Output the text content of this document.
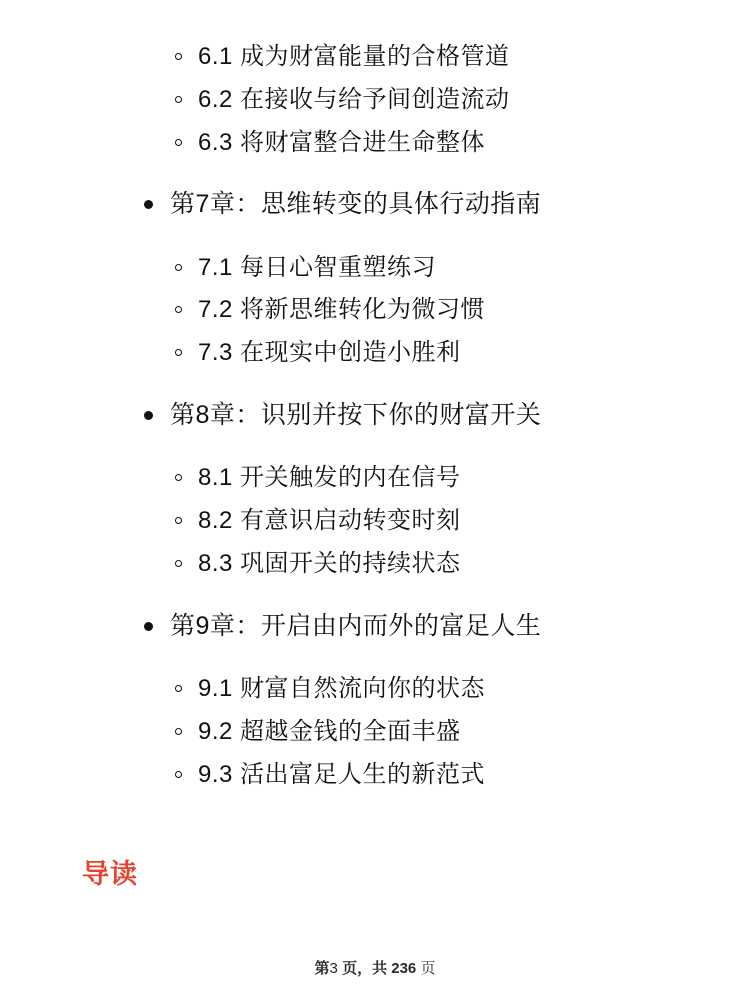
6.1 成为财富能量的合格管道
6.2 在接收与给予间创造流动
6.3 将财富整合进生命整体
第7章：思维转变的具体行动指南
7.1 每日心智重塑练习
7.2 将新思维转化为微习惯
7.3 在现实中创造小胜利
第8章：识别并按下你的财富开关
8.1 开关触发的内在信号
8.2 有意识启动转变时刻
8.3 巩固开关的持续状态
第9章：开启由内而外的富足人生
9.1 财富自然流向你的状态
9.2 超越金钱的全面丰盛
9.3 活出富足人生的新范式
导读
第3 页，共 236 页
